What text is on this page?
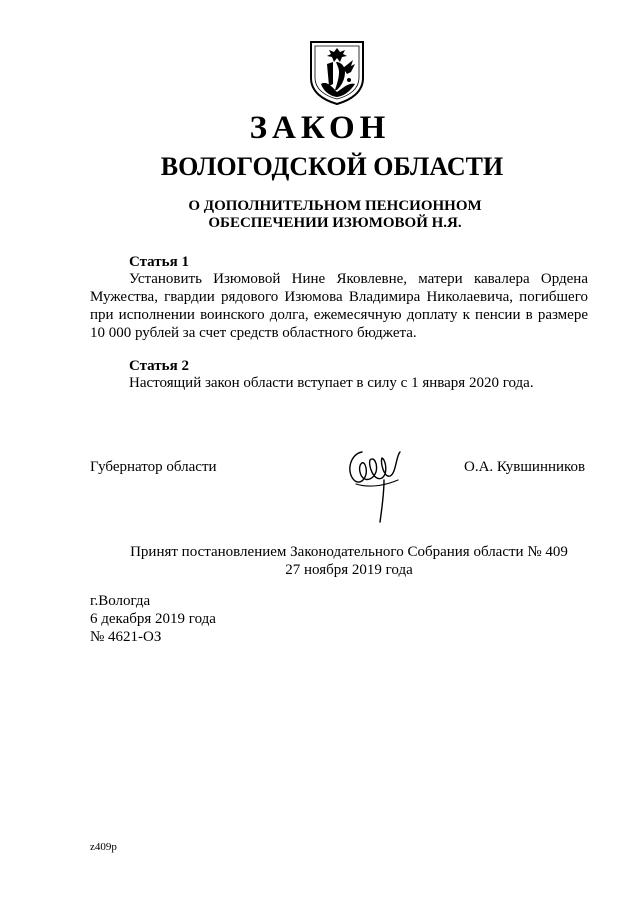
ЗАКОН
ВОЛОГОДСКОЙ ОБЛАСТИ
О ДОПОЛНИТЕЛЬНОМ ПЕНСИОННОМ
ОБЕСПЕЧЕНИИ ИЗЮМОВОЙ Н.Я.
Статья 1
Установить Изюмовой Нине Яковлевне, матери кавалера Ордена
Мужества, гвардии рядового Изюмова Владимира Николаевича, погибшего
при исполнении воинского долга, ежемесячную доплату к пенсии в размере
10 000 рублей за счет средств областного бюджета.
Статья 2
Настоящий закон области вступает в силу с 1 января 2020 года.
Губернатор области	О.А. Кувшинников
Принят постановлением Законодательного Собрания области № 409
27 ноября 2019 года
г.Вологда
6 декабря 2019 года
№ 4621-ОЗ
z409p
